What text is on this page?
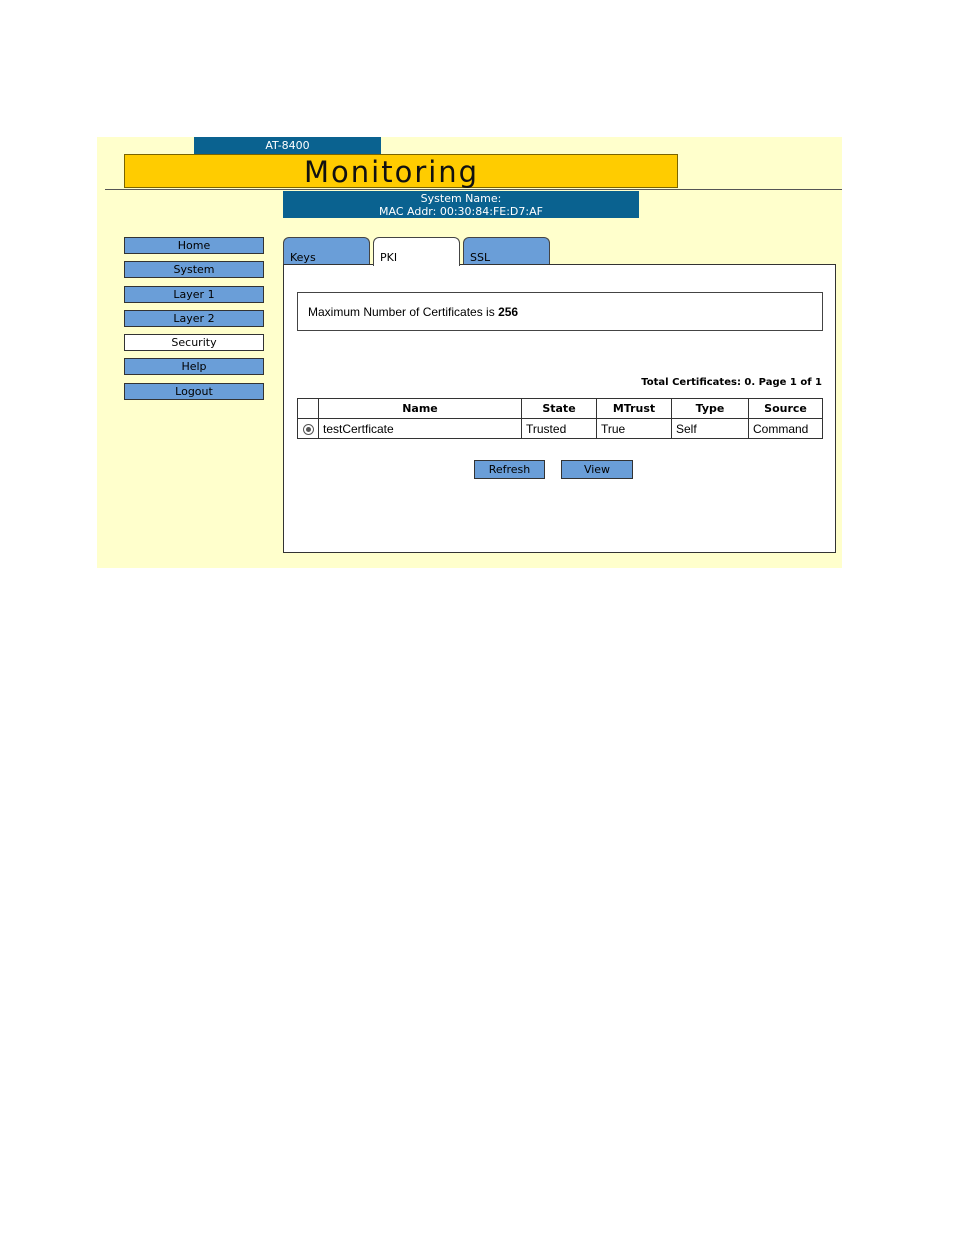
AT-8400
Monitoring
System Name:
MAC Addr: 00:30:84:FE:D7:AF
Home
System
Layer 1
Layer 2
Security
Help
Logout
Keys	PKI	SSL
Maximum Number of Certificates is 256
Total Certificates: 0. Page 1 of 1
	Name	State	MTrust	Type	Source
	testCertficate	Trusted	True	Self	Command
Refresh	View
